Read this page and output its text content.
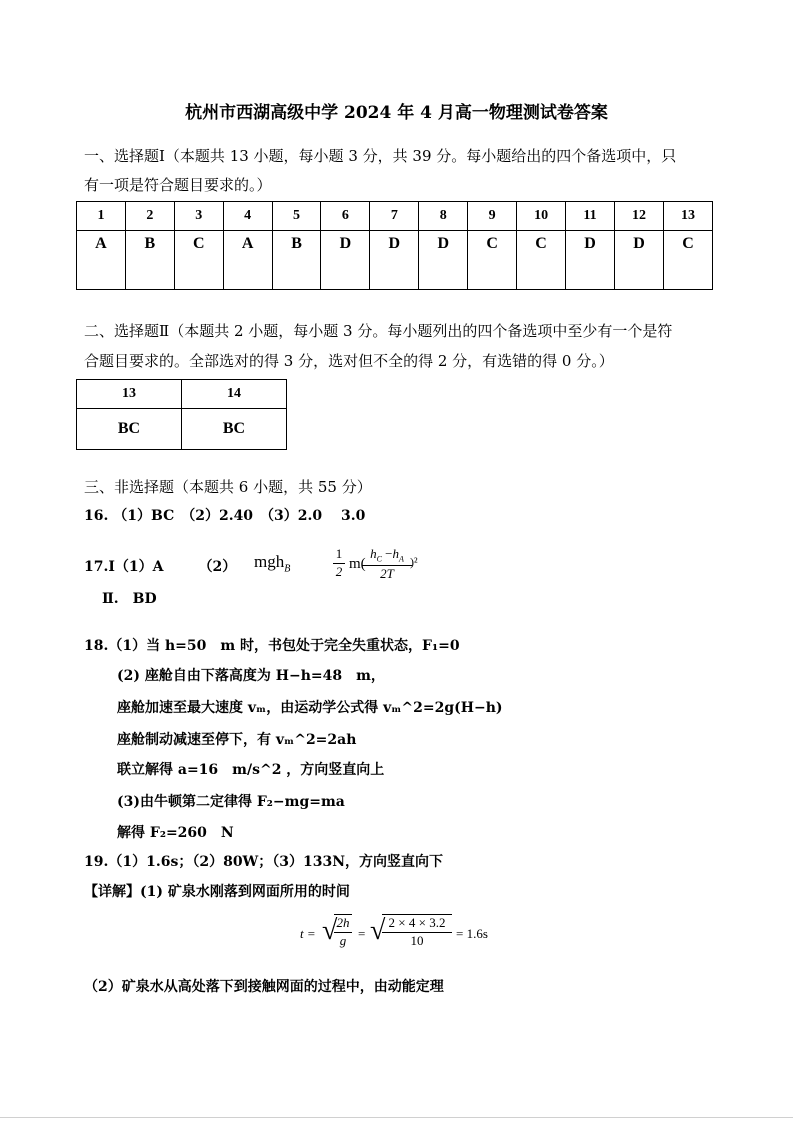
杭州市西湖高级中学 2024 年 4 月高一物理测试卷答案
一、选择题Ⅰ（本题共 13 小题，每小题 3 分，共 39 分。每小题给出的四个备选项中，只
有一项是符合题目要求的。）
1	2	3	4	5	6	7	8	9	10	11	12	13
A	B	C	A	B	D	D	D	C	C	D	D	C
二、选择题Ⅱ（本题共 2 小题，每小题 3 分。每小题列出的四个备选项中至少有一个是符
合题目要求的。全部选对的得 3 分，选对但不全的得 2 分，有选错的得 0 分。）
13	14
BC	BC
三、非选择题（本题共 6 小题，共 55 分）
16. （1）BC　（2）2.40　（3）2.0　 3.0
17.Ⅰ（1）A　　　（2） mgh$_B$	$\frac{1}{2} m$(
$\frac{h_C -h_A}{2T}$
)²
Ⅱ.　BD
18.（1）当 h=50　m 时，书包处于完全失重状态，F₁=0
(2) 座舱自由下落高度为 H−h=48　m，
座舱加速至最大速度 vₘ，由运动学公式得 vₘ^2=2g(H−h)
座舱制动减速至停下，有 vₘ^2=2ah
联立解得 a=16　m/s^2 ，方向竖直向上
(3)由牛顿第二定律得 F₂−mg=ma
解得 F₂=260　N
19.（1）1.6s；（2）80W；（3）133N，方向竖直向下
【详解】(1) 矿泉水刚落到网面所用的时间
t = √ 2h
g = √ 2 × 4 × 3.2
10	= 1.6s
（2）矿泉水从高处落下到接触网面的过程中，由动能定理
